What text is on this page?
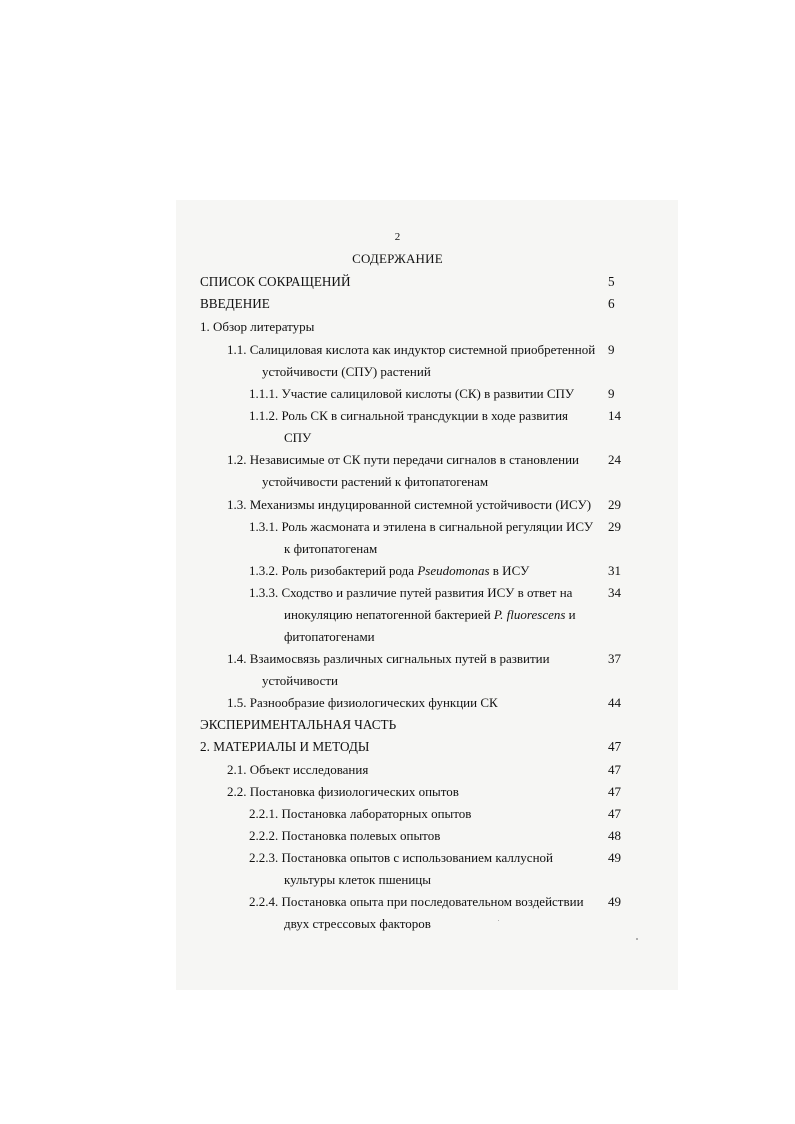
2
СОДЕРЖАНИЕ
СПИСОК СОКРАЩЕНИЙ	5
ВВЕДЕНИЕ	6
1. Обзор литературы
1.1. Салициловая кислота как индуктор системной приобретенной 9
устойчивости (СПУ) растений
1.1.1. Участие салициловой кислоты (СК) в развитии СПУ	9
1.1.2. Роль СК в сигнальной трансдукции в ходе развития	14
СПУ
1.2. Независимые от СК пути передачи сигналов в становлении 24
устойчивости растений к фитопатогенам
1.3. Механизмы индуцированной системной устойчивости (ИСУ) 29
1.3.1. Роль жасмоната и этилена в сигнальной регуляции ИСУ 29
к фитопатогенам
1.3.2. Роль ризобактерий рода Pseudomonas в ИСУ	31
1.3.3. Сходство и различие путей развития ИСУ в ответ на	34
инокуляцию непатогенной бактерией P. fluorescens и
фитопатогенами
1.4. Взаимосвязь различных сигнальных путей в развитии	37
устойчивости
1.5. Разнообразие физиологических функции СК	44
ЭКСПЕРИМЕНТАЛЬНАЯ ЧАСТЬ
2. МАТЕРИАЛЫ И МЕТОДЫ	47
2.1. Объект исследования	47
2.2. Постановка физиологических опытов	47
2.2.1. Постановка лабораторных опытов	47
2.2.2. Постановка полевых опытов	48
2.2.3. Постановка опытов с использованием каллусной	49
культуры клеток пшеницы
2.2.4. Постановка опыта при последовательном воздействии 49
двух стрессовых факторов
